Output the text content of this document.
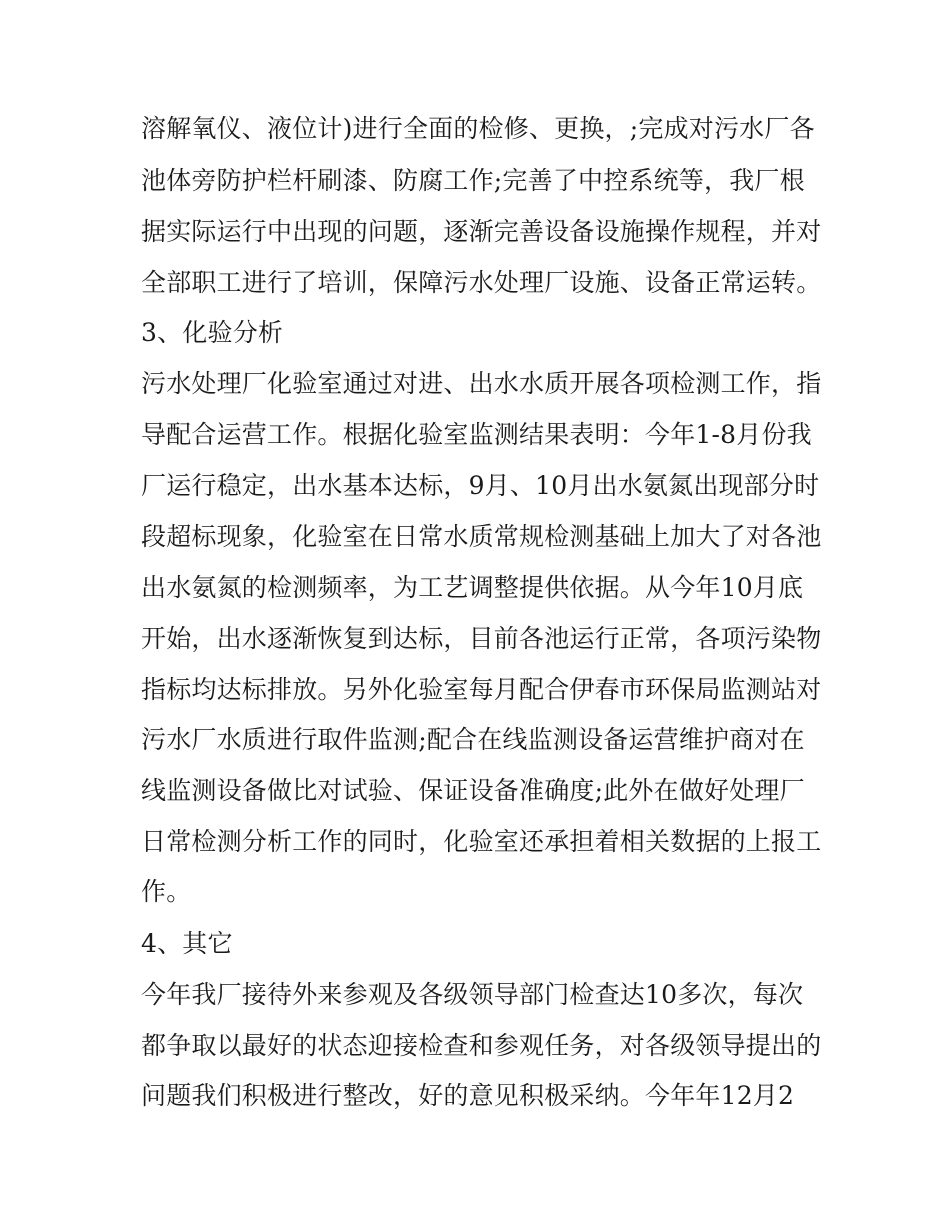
溶解氧仪、液位计)进行全面的检修、更换，;完成对污水厂各
池体旁防护栏杆刷漆、防腐工作;完善了中控系统等，我厂根
据实际运行中出现的问题，逐渐完善设备设施操作规程，并对
全部职工进行了培训，保障污水处理厂设施、设备正常运转。
3、化验分析
污水处理厂化验室通过对进、出水水质开展各项检测工作，指
导配合运营工作。根据化验室监测结果表明：今年1-8月份我
厂运行稳定，出水基本达标，9月、10月出水氨氮出现部分时
段超标现象，化验室在日常水质常规检测基础上加大了对各池
出水氨氮的检测频率，为工艺调整提供依据。从今年10月底
开始，出水逐渐恢复到达标，目前各池运行正常，各项污染物
指标均达标排放。另外化验室每月配合伊春市环保局监测站对
污水厂水质进行取件监测;配合在线监测设备运营维护商对在
线监测设备做比对试验、保证设备准确度;此外在做好处理厂
日常检测分析工作的同时，化验室还承担着相关数据的上报工
作。
4、其它
今年我厂接待外来参观及各级领导部门检查达10多次，每次
都争取以最好的状态迎接检查和参观任务，对各级领导提出的
问题我们积极进行整改，好的意见积极采纳。今年年12月2
